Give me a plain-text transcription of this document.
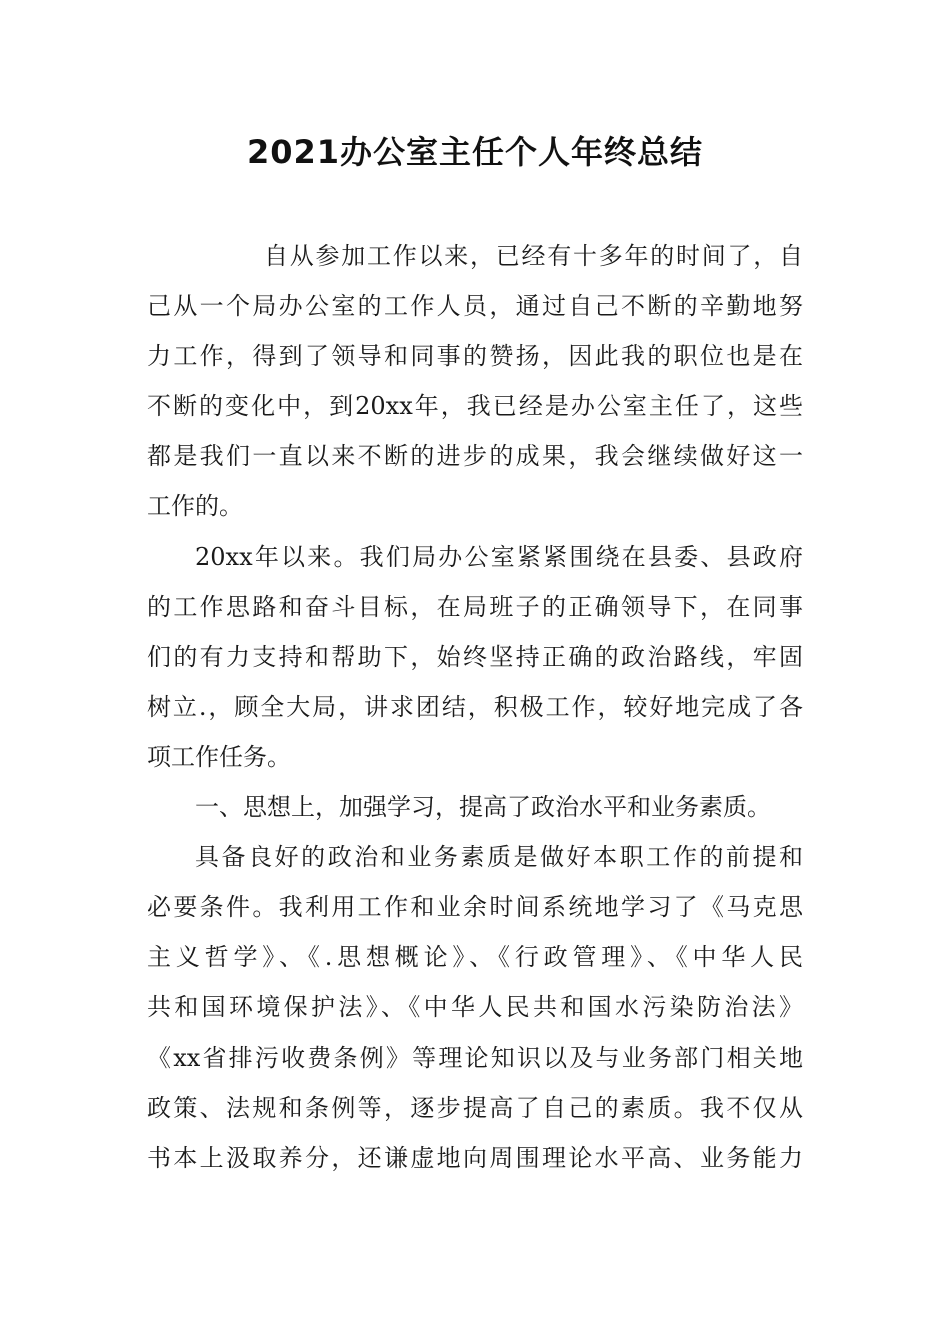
2021办公室主任个人年终总结
自从参加工作以来，已经有十多年的时间了，自
己从一个局办公室的工作人员，通过自己不断的辛勤地努
力工作，得到了领导和同事的赞扬，因此我的职位也是在
不断的变化中，到20xx年，我已经是办公室主任了，这些
都是我们一直以来不断的进步的成果，我会继续做好这一
工作的。
20xx年以来。我们局办公室紧紧围绕在县委、县政府
的工作思路和奋斗目标，在局班子的正确领导下，在同事
们的有力支持和帮助下，始终坚持正确的政治路线，牢固
树立.，顾全大局，讲求团结，积极工作，较好地完成了各
项工作任务。
一、思想上，加强学习，提高了政治水平和业务素质。
具备良好的政治和业务素质是做好本职工作的前提和
必要条件。我利用工作和业余时间系统地学习了《马克思
主义哲学》、《.思想概论》、《行政管理》、《中华人民
共和国环境保护法》、《中华人民共和国水污染防治法》
《xx省排污收费条例》等理论知识以及与业务部门相关地
政策、法规和条例等，逐步提高了自己的素质。我不仅从
书本上汲取养分，还谦虚地向周围理论水平高、业务能力
